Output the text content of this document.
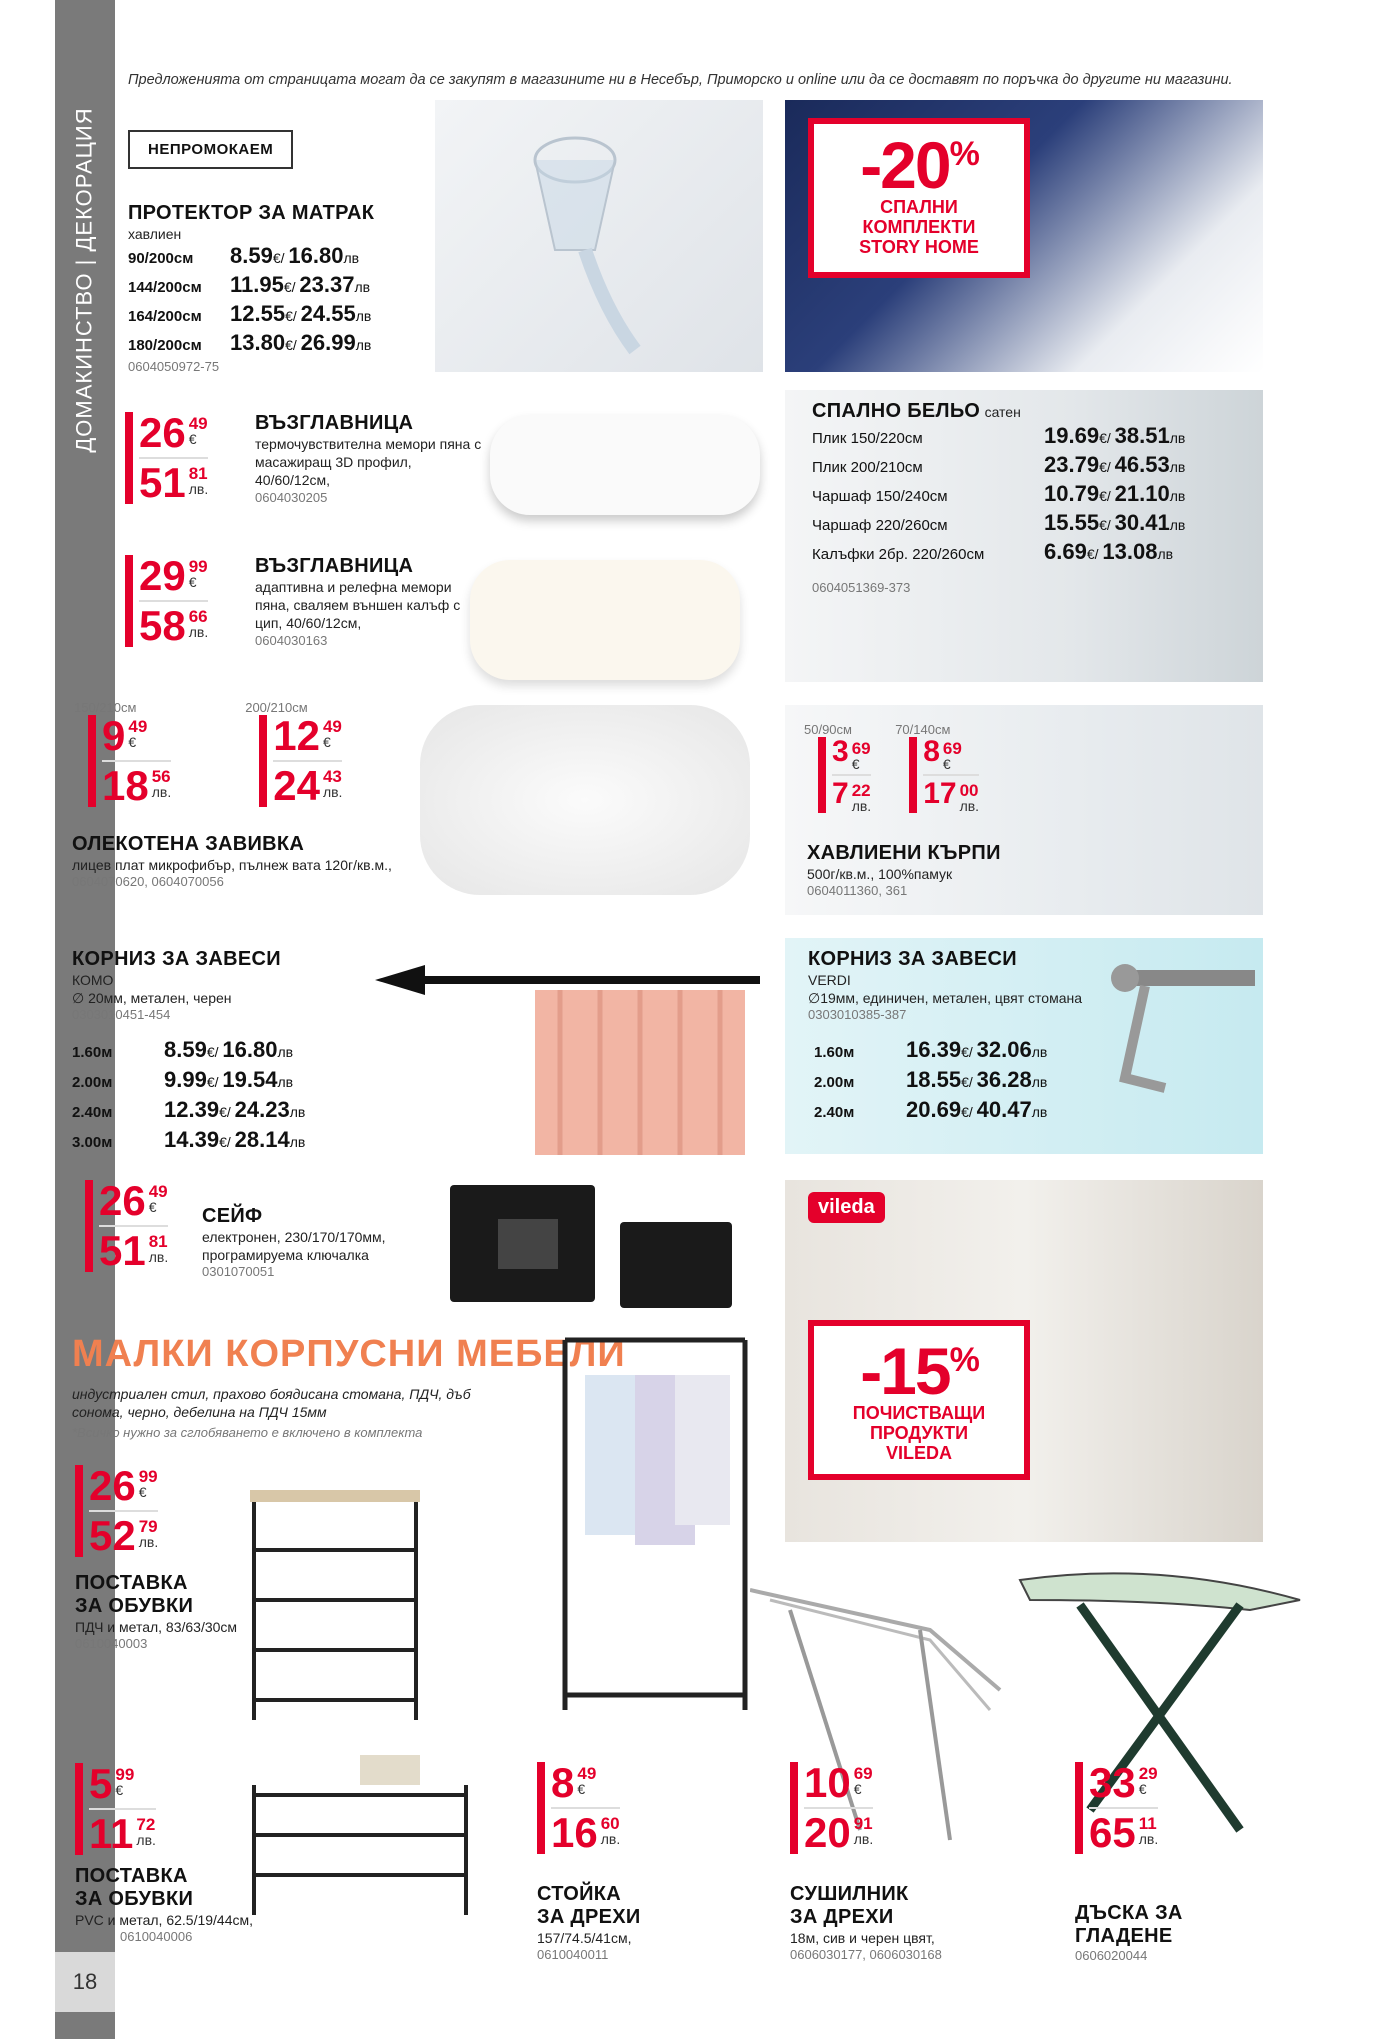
ДОМАКИНСТВО | ДЕКОРАЦИЯ
18
Предложенията от страницата могат да се закупят в магазините ни в Несебър, Приморско и online или да се доставят по поръчка до другите ни магазини.
НЕПРОМОКАЕМ
ПРОТЕКТОР ЗА МАТРАК
хавлиен
90/200см	8.59€/ 16.80лв
144/200см	11.95€/ 23.37лв
164/200см	12.55€/ 24.55лв
180/200см	13.80€/ 26.99лв
0604050972-75
-20%
СПАЛНИ
КОМПЛЕКТИ
STORY HOME
СПАЛНО БЕЛЬО сатен
Плик 150/220см	19.69€/ 38.51лв
Плик 200/210см	23.79€/ 46.53лв
Чаршаф 150/240см	10.79€/ 21.10лв
Чаршаф 220/260см	15.55€/ 30.41лв
Калъфки 2бр. 220/260см	6.69€/ 13.08лв
0604051369-373
26 49
€
51 81
лв.
ВЪЗГЛАВНИЦА
термочувствителна мемори пяна с масажиращ 3D профил, 40/60/12см,
0604030205
29 99
€
58 66
лв.
ВЪЗГЛАВНИЦА
адаптивна и релефна мемори пяна, сваляем външен калъф с цип, 40/60/12см,
0604030163
150/210см
9 49
€
18 56
лв.
200/210см
12 49
€
24 43
лв.
ОЛЕКОТЕНА ЗАВИВКА
лицев плат микрофибър, пълнеж вата 120г/кв.м.,
0604070620, 0604070056
50/90см
3 69
€
7 22
лв.
70/140см
8 69
€
17 00
лв.
ХАВЛИЕНИ КЪРПИ
500г/кв.м., 100%памук
0604011360, 361
КОРНИЗ ЗА ЗАВЕСИ
КОМО
∅ 20мм, метален, черен
0303010451-454
1.60м	8.59€/ 16.80лв
2.00м	9.99€/ 19.54лв
2.40м	12.39€/ 24.23лв
3.00м	14.39€/ 28.14лв
КОРНИЗ ЗА ЗАВЕСИ
VERDI
∅19мм, единичен, метален, цвят стомана
0303010385-387
1.60м	16.39€/ 32.06лв
2.00м	18.55€/ 36.28лв
2.40м	20.69€/ 40.47лв
26 49
€
51 81
лв.
СЕЙФ
електронен, 230/170/170мм, програмируема ключалка
0301070051
vileda
-15%
ПОЧИСТВАЩИ
ПРОДУКТИ
VILEDA
МАЛКИ КОРПУСНИ МЕБЕЛИ
индустриален стил, прахово боядисана стомана, ПДЧ, дъб сонома, черно, дебелина на ПДЧ 15мм
*Всичко нужно за сглобяването е включено в комплекта
26 99
€
52 79
лв.
ПОСТАВКА
ЗА ОБУВКИ
ПДЧ и метал, 83/63/30см
0610040003
5 99
€
11 72
лв.
ПОСТАВКА
ЗА ОБУВКИ
PVC и метал, 62.5/19/44см,
0610040006
8 49
€
16 60
лв.
СТОЙКА
ЗА ДРЕХИ
157/74.5/41см,
0610040011
10 69
€
20 91
лв.
СУШИЛНИК
ЗА ДРЕХИ
18м, сив и черен цвят,
0606030177, 0606030168
33 29
€
65 11
лв.
ДЪСКА ЗА
ГЛАДЕНЕ
0606020044
